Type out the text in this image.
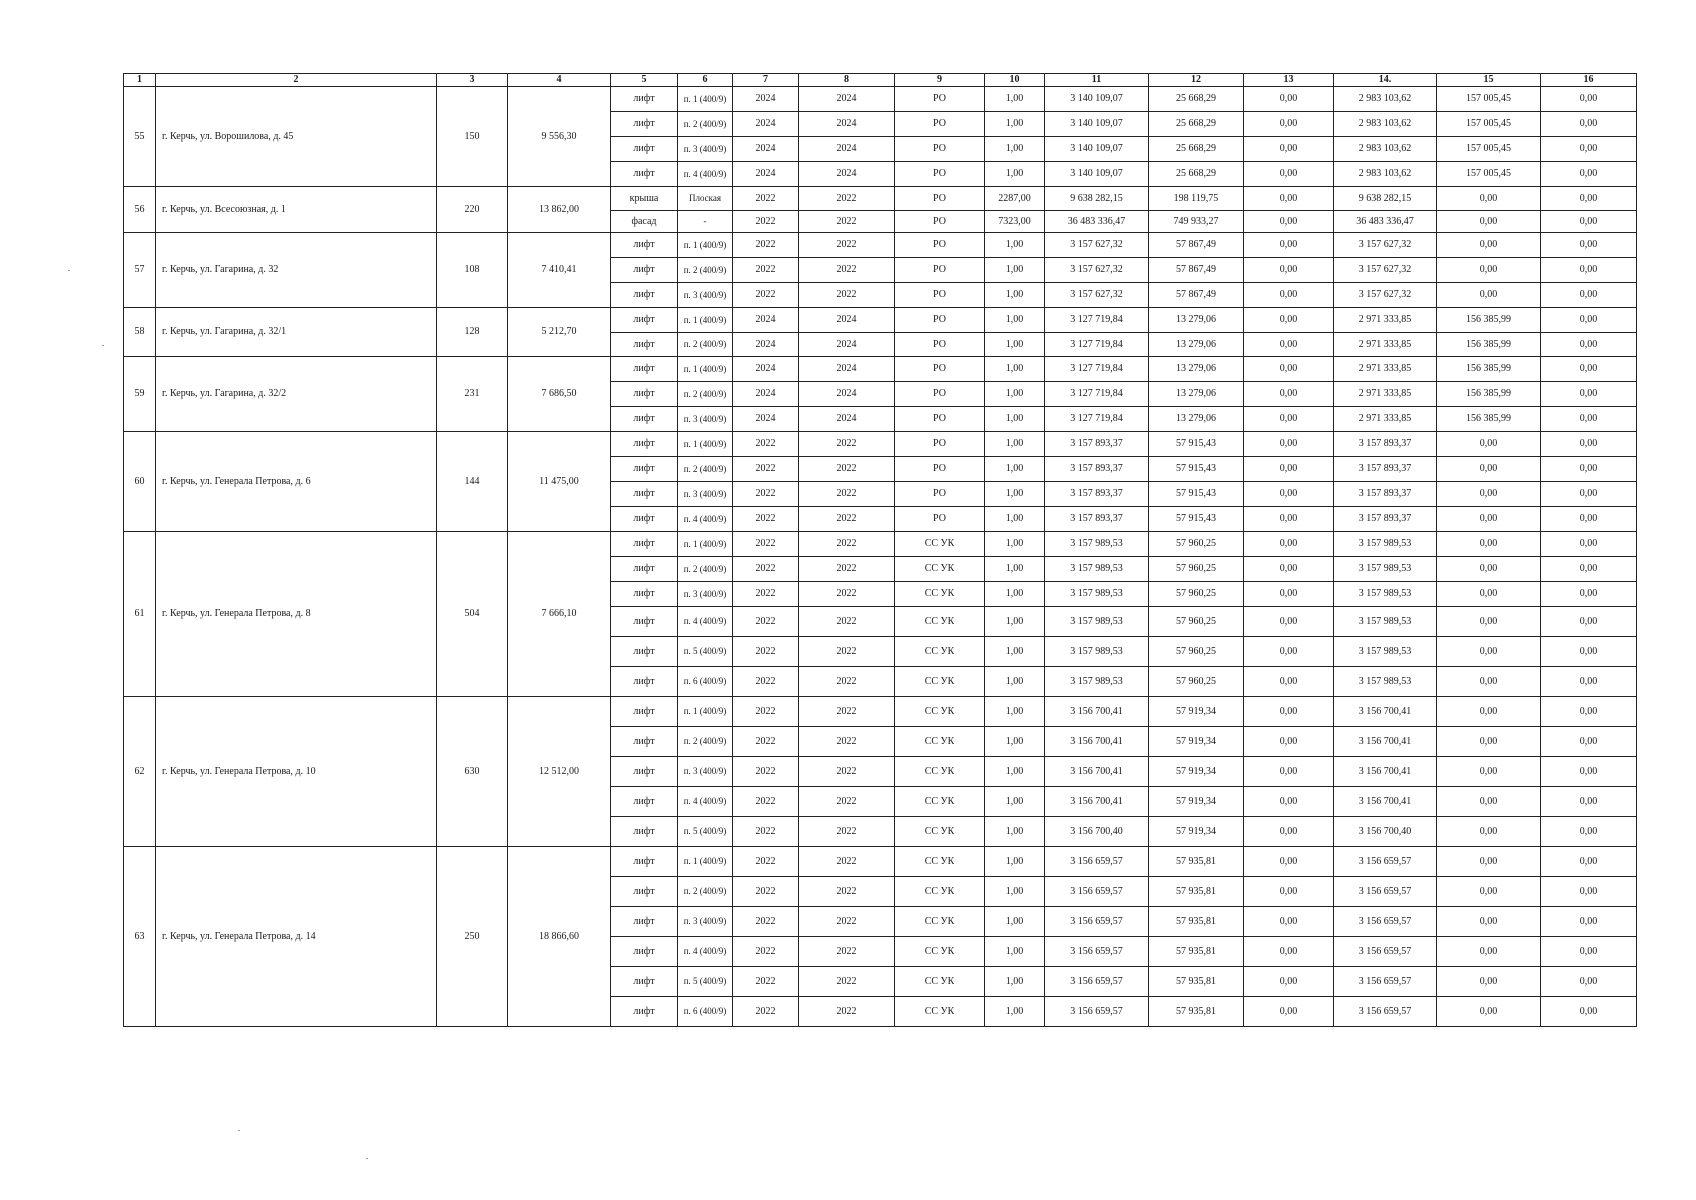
1	2	3	4	5	6	7	8	9	10	11	12	13	14.	15	16
55	г. Керчь, ул. Ворошилова, д. 45	150	9 556,30	лифт	п. 1 (400/9)	2024	2024	РО	1,00	3 140 109,07	25 668,29	0,00	2 983 103,62	157 005,45	0,00
				лифт	п. 2 (400/9)	2024	2024	РО	1,00	3 140 109,07	25 668,29	0,00	2 983 103,62	157 005,45	0,00
				лифт	п. 3 (400/9)	2024	2024	РО	1,00	3 140 109,07	25 668,29	0,00	2 983 103,62	157 005,45	0,00
				лифт	п. 4 (400/9)	2024	2024	РО	1,00	3 140 109,07	25 668,29	0,00	2 983 103,62	157 005,45	0,00
56	г. Керчь, ул. Всесоюзная, д. 1	220	13 862,00	крыша	Плоская	2022	2022	РО	2287,00	9 638 282,15	198 119,75	0,00	9 638 282,15	0,00	0,00
				фасад	-	2022	2022	РО	7323,00	36 483 336,47	749 933,27	0,00	36 483 336,47	0,00	0,00
57	г. Керчь, ул. Гагарина, д. 32	108	7 410,41	лифт	п. 1 (400/9)	2022	2022	РО	1,00	3 157 627,32	57 867,49	0,00	3 157 627,32	0,00	0,00
				лифт	п. 2 (400/9)	2022	2022	РО	1,00	3 157 627,32	57 867,49	0,00	3 157 627,32	0,00	0,00
				лифт	п. 3 (400/9)	2022	2022	РО	1,00	3 157 627,32	57 867,49	0,00	3 157 627,32	0,00	0,00
58	г. Керчь, ул. Гагарина, д. 32/1	128	5 212,70	лифт	п. 1 (400/9)	2024	2024	РО	1,00	3 127 719,84	13 279,06	0,00	2 971 333,85	156 385,99	0,00
				лифт	п. 2 (400/9)	2024	2024	РО	1,00	3 127 719,84	13 279,06	0,00	2 971 333,85	156 385,99	0,00
59	г. Керчь, ул. Гагарина, д. 32/2	231	7 686,50	лифт	п. 1 (400/9)	2024	2024	РО	1,00	3 127 719,84	13 279,06	0,00	2 971 333,85	156 385,99	0,00
				лифт	п. 2 (400/9)	2024	2024	РО	1,00	3 127 719,84	13 279,06	0,00	2 971 333,85	156 385,99	0,00
				лифт	п. 3 (400/9)	2024	2024	РО	1,00	3 127 719,84	13 279,06	0,00	2 971 333,85	156 385,99	0,00
60	г. Керчь, ул. Генерала Петрова, д. 6	144	11 475,00	лифт	п. 1 (400/9)	2022	2022	РО	1,00	3 157 893,37	57 915,43	0,00	3 157 893,37	0,00	0,00
				лифт	п. 2 (400/9)	2022	2022	РО	1,00	3 157 893,37	57 915,43	0,00	3 157 893,37	0,00	0,00
				лифт	п. 3 (400/9)	2022	2022	РО	1,00	3 157 893,37	57 915,43	0,00	3 157 893,37	0,00	0,00
				лифт	п. 4 (400/9)	2022	2022	РО	1,00	3 157 893,37	57 915,43	0,00	3 157 893,37	0,00	0,00
61	г. Керчь, ул. Генерала Петрова, д. 8	504	7 666,10	лифт	п. 1 (400/9)	2022	2022	СС УК	1,00	3 157 989,53	57 960,25	0,00	3 157 989,53	0,00	0,00
				лифт	п. 2 (400/9)	2022	2022	СС УК	1,00	3 157 989,53	57 960,25	0,00	3 157 989,53	0,00	0,00
				лифт	п. 3 (400/9)	2022	2022	СС УК	1,00	3 157 989,53	57 960,25	0,00	3 157 989,53	0,00	0,00
				лифт	п. 4 (400/9)	2022	2022	СС УК	1,00	3 157 989,53	57 960,25	0,00	3 157 989,53	0,00	0,00
				лифт	п. 5 (400/9)	2022	2022	СС УК	1,00	3 157 989,53	57 960,25	0,00	3 157 989,53	0,00	0,00
				лифт	п. 6 (400/9)	2022	2022	СС УК	1,00	3 157 989,53	57 960,25	0,00	3 157 989,53	0,00	0,00
62	г. Керчь, ул. Генерала Петрова, д. 10	630	12 512,00	лифт	п. 1 (400/9)	2022	2022	СС УК	1,00	3 156 700,41	57 919,34	0,00	3 156 700,41	0,00	0,00
				лифт	п. 2 (400/9)	2022	2022	СС УК	1,00	3 156 700,41	57 919,34	0,00	3 156 700,41	0,00	0,00
				лифт	п. 3 (400/9)	2022	2022	СС УК	1,00	3 156 700,41	57 919,34	0,00	3 156 700,41	0,00	0,00
				лифт	п. 4 (400/9)	2022	2022	СС УК	1,00	3 156 700,41	57 919,34	0,00	3 156 700,41	0,00	0,00
				лифт	п. 5 (400/9)	2022	2022	СС УК	1,00	3 156 700,40	57 919,34	0,00	3 156 700,40	0,00	0,00
63	г. Керчь, ул. Генерала Петрова, д. 14	250	18 866,60	лифт	п. 1 (400/9)	2022	2022	СС УК	1,00	3 156 659,57	57 935,81	0,00	3 156 659,57	0,00	0,00
				лифт	п. 2 (400/9)	2022	2022	СС УК	1,00	3 156 659,57	57 935,81	0,00	3 156 659,57	0,00	0,00
				лифт	п. 3 (400/9)	2022	2022	СС УК	1,00	3 156 659,57	57 935,81	0,00	3 156 659,57	0,00	0,00
				лифт	п. 4 (400/9)	2022	2022	СС УК	1,00	3 156 659,57	57 935,81	0,00	3 156 659,57	0,00	0,00
				лифт	п. 5 (400/9)	2022	2022	СС УК	1,00	3 156 659,57	57 935,81	0,00	3 156 659,57	0,00	0,00
				лифт	п. 6 (400/9)	2022	2022	СС УК	1,00	3 156 659,57	57 935,81	0,00	3 156 659,57	0,00	0,00
